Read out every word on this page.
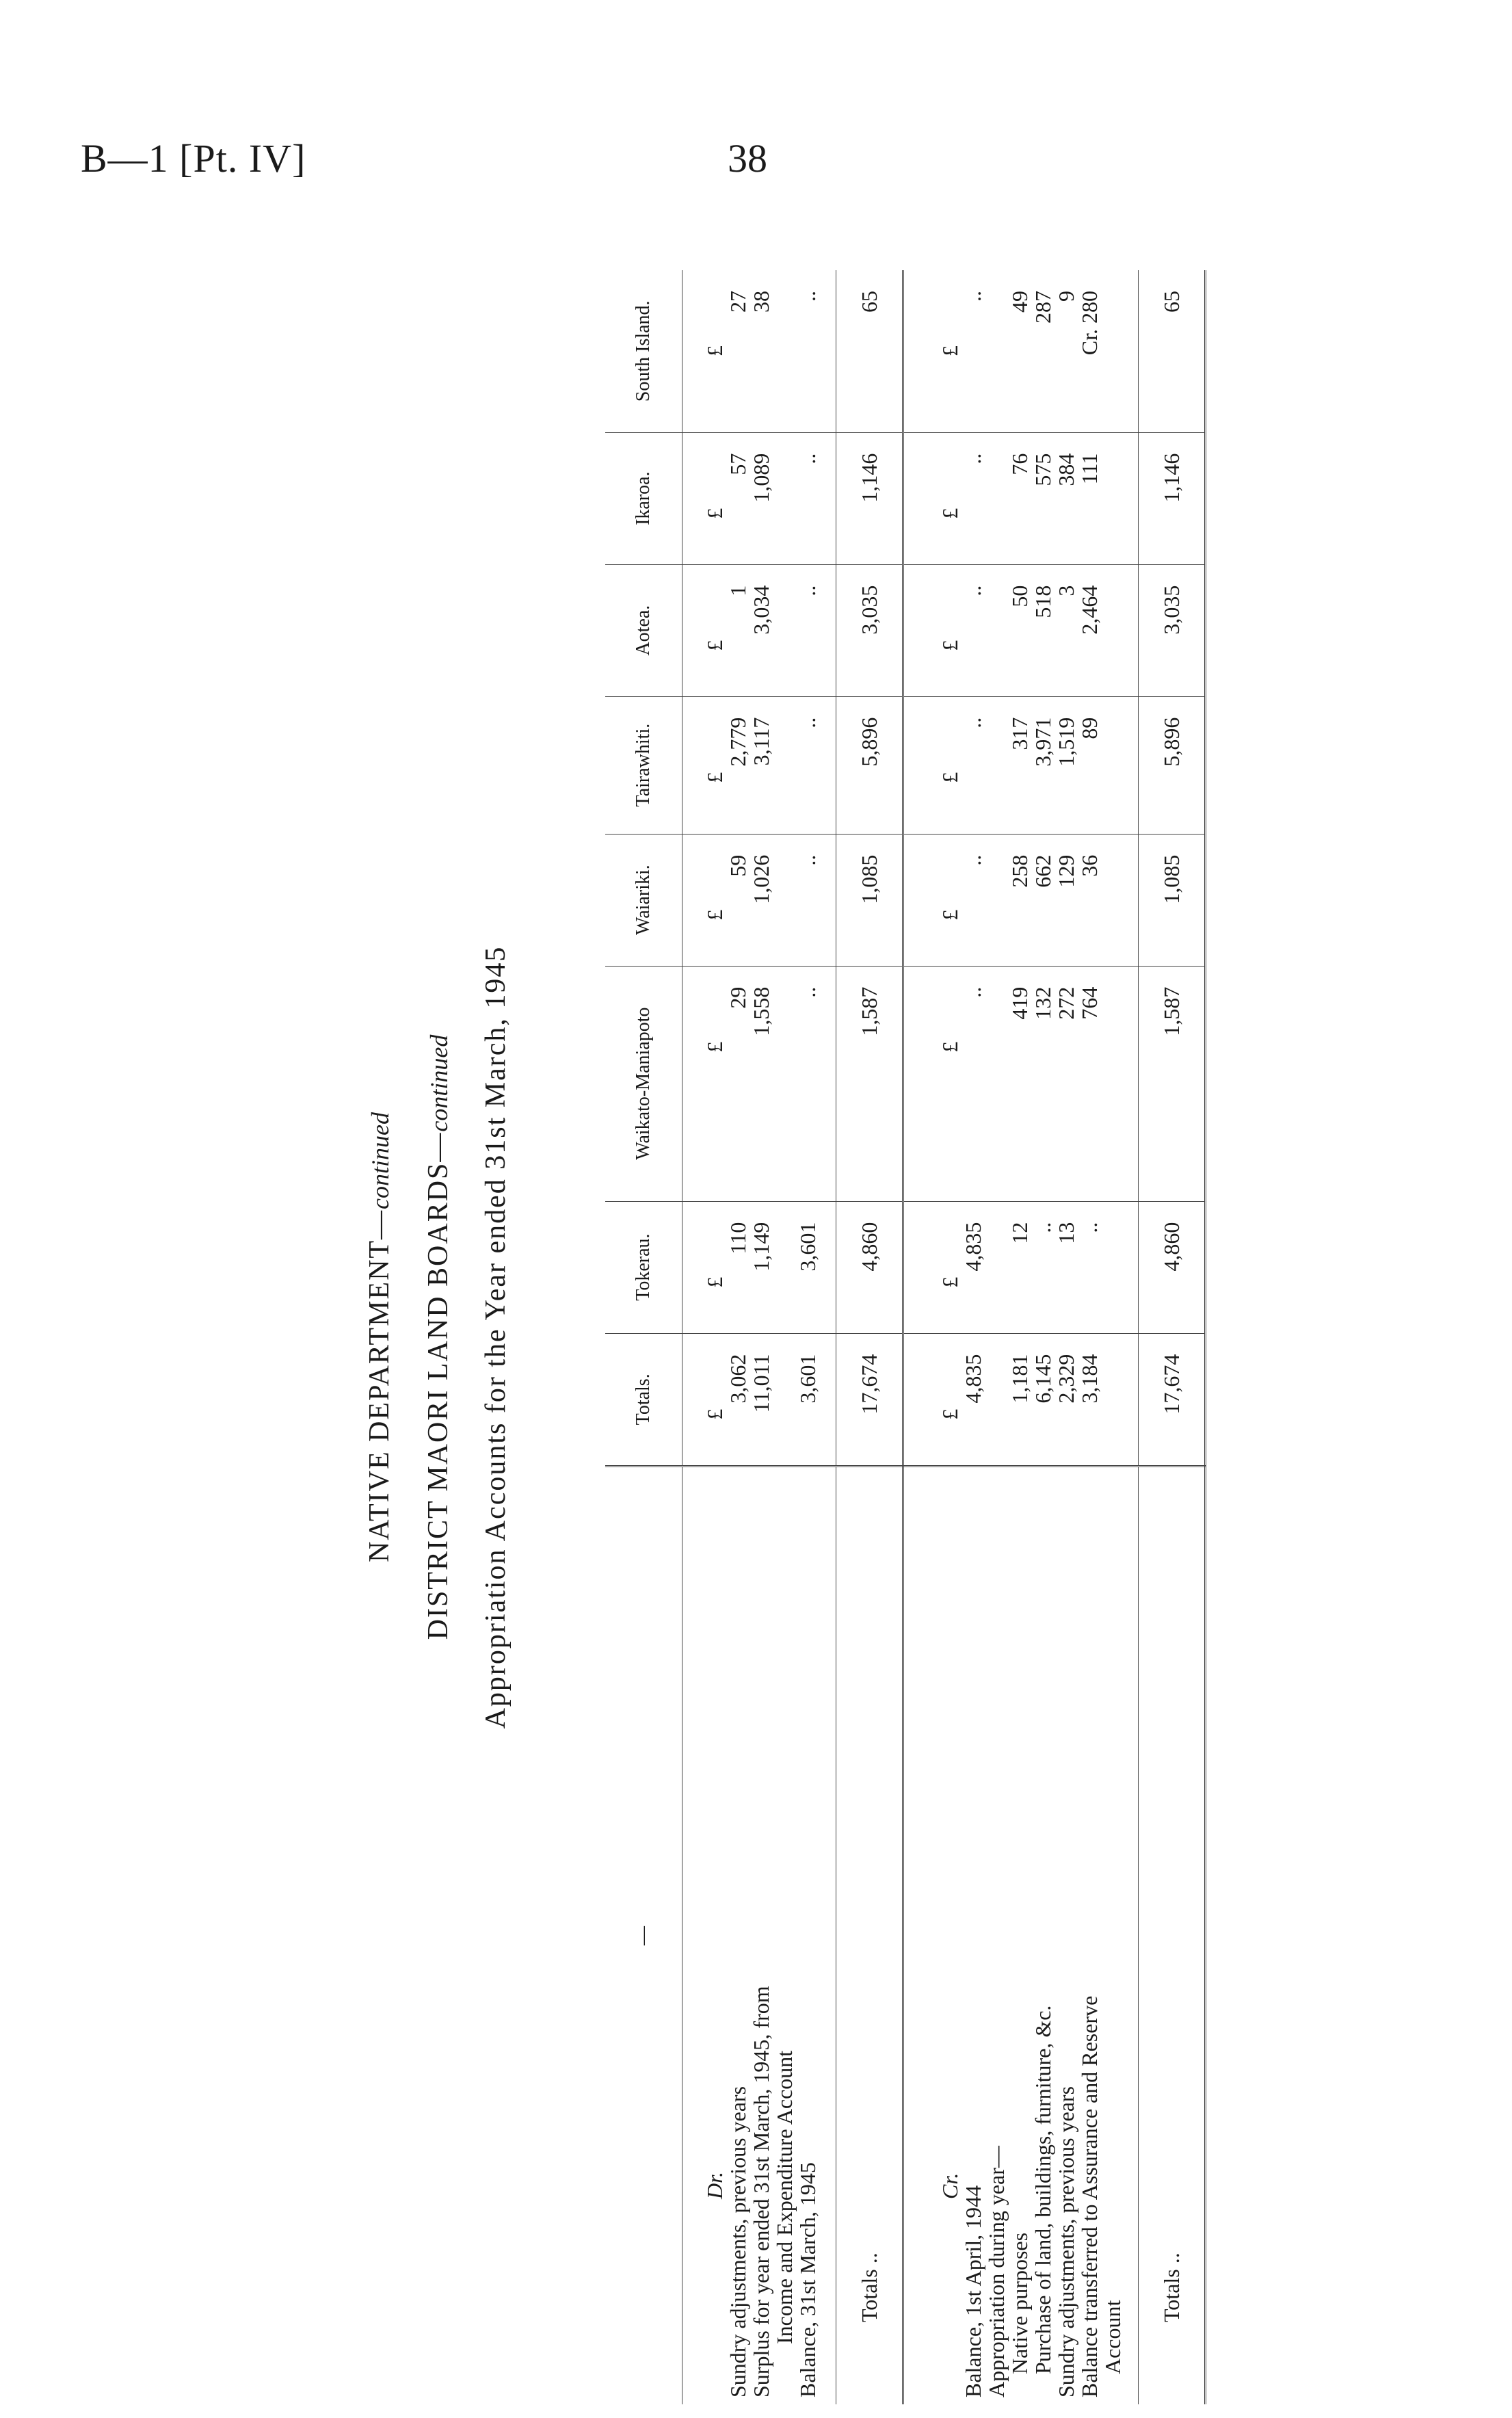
B—1 [Pt. IV]	38
NATIVE DEPARTMENT—continued
DISTRICT MAORI LAND BOARDS—continued Appropriation Accounts for the Year ended 31st March, 1945
—	Totals.	Tokerau.	Waikato-Maniapoto	Waiariki.	Tairawhiti.	Aotea.	Ikaroa.	South Island.

Dr.	£	£	£	£	£	£	£	£
Sundry adjustments, previous years	3,062	110	29	59	2,779	1	57	27
Surplus for year ended 31st March, 1945, from	11,011	1,149	1,558	1,026	3,117	3,034	1,089	38
Income and Expenditure Account								
Balance, 31st March, 1945	3,601	3,601	..	..	..	..	..	..

Totals ..	17,674	4,860	1,587	1,085	5,896	3,035	1,146	65

Cr.	£	£	£	£	£	£	£	£
Balance, 1st April, 1944	4,835	4,835	..	..	..	..	..	..
Appropriation during year—								
Native purposes	1,181	12	419	258	317	50	76	49
Purchase of land, buildings, furniture, &c.	6,145	..	132	662	3,971	518	575	287
Sundry adjustments, previous years	2,329	13	272	129	1,519	3	384	9
Balance transferred to Assurance and Reserve	3,184	..	764	36	89	2,464	111	Cr. 280
Account								

Totals ..	17,674	4,860	1,587	1,085	5,896	3,035	1,146	65
